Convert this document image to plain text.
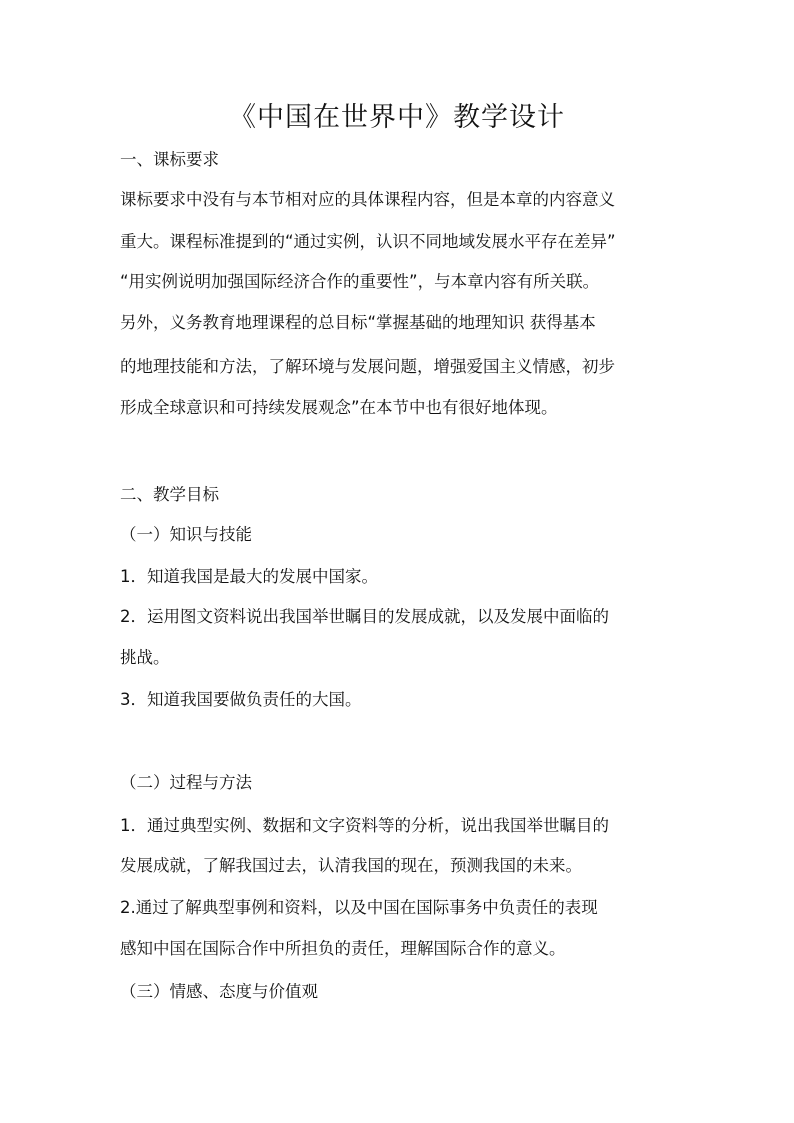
《中国在世界中》教学设计

一、课标要求

课标要求中没有与本节相对应的具体课程内容，但是本章的内容意义

重大。课程标准提到的“通过实例，认识不同地域发展水平存在差异”

“用实例说明加强国际经济合作的重要性”，与本章内容有所关联。

另外，义务教育地理课程的总目标“掌握基础的地理知识 获得基本

的地理技能和方法，了解环境与发展问题，增强爱国主义情感，初步

形成全球意识和可持续发展观念”在本节中也有很好地体现。

二、教学目标

（一）知识与技能

1．知道我国是最大的发展中国家。

2．运用图文资料说出我国举世瞩目的发展成就，以及发展中面临的

挑战。

3．知道我国要做负责任的大国。

（二）过程与方法

1．通过典型实例、数据和文字资料等的分析，说出我国举世瞩目的

发展成就，了解我国过去，认清我国的现在，预测我国的未来。

2.通过了解典型事例和资料，以及中国在国际事务中负责任的表现

感知中国在国际合作中所担负的责任，理解国际合作的意义。

（三）情感、态度与价值观
